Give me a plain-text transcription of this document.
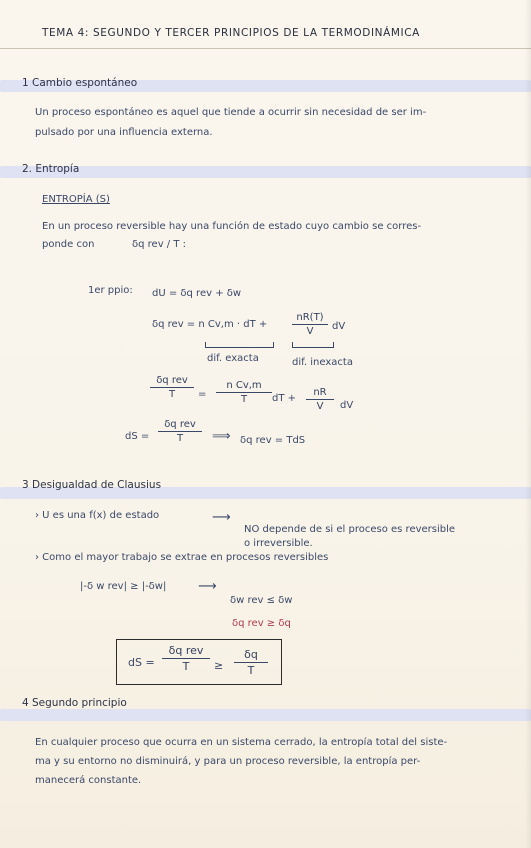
TEMA 4: SEGUNDO Y TERCER PRINCIPIOS DE LA TERMODINÁMICA
1 Cambio espontáneo
Un proceso espontáneo es aquel que tiende a ocurrir sin necesidad de ser im-
pulsado por una influencia externa.
2. Entropía
ENTROPÍA (S)
En un proceso reversible hay una función de estado cuyo cambio se corres-
ponde con	δq rev / T :
1er ppio: dU = δq rev + δw
δq rev = n Cv,m · dT + $\frac{nR(T)}{V}$ dV
dif. exacta	dif. inexacta
δq rev
T	= $\frac{\text{n Cv,m}}{T}$ dT + $\frac{nR}{V}$ dV
dS =
δq rev
T	⟹ δq rev = TdS
3 Desigualdad de Clausius
› U es una f(x) de estado	⟶
NO depende de si el proceso es reversible
o irreversible.
› Como el mayor trabajo se extrae en procesos reversibles
|-δ w rev| ≥ |-δw| ⟶
δw rev ≤ δw
δq rev ≥ δq
dS =
δq rev
T	≥ $\frac{\delta q}{T}$
4 Segundo principio
En cualquier proceso que ocurra en un sistema cerrado, la entropía total del siste-
ma y su entorno no disminuirá, y para un proceso reversible, la entropía per-
manecerá constante.
